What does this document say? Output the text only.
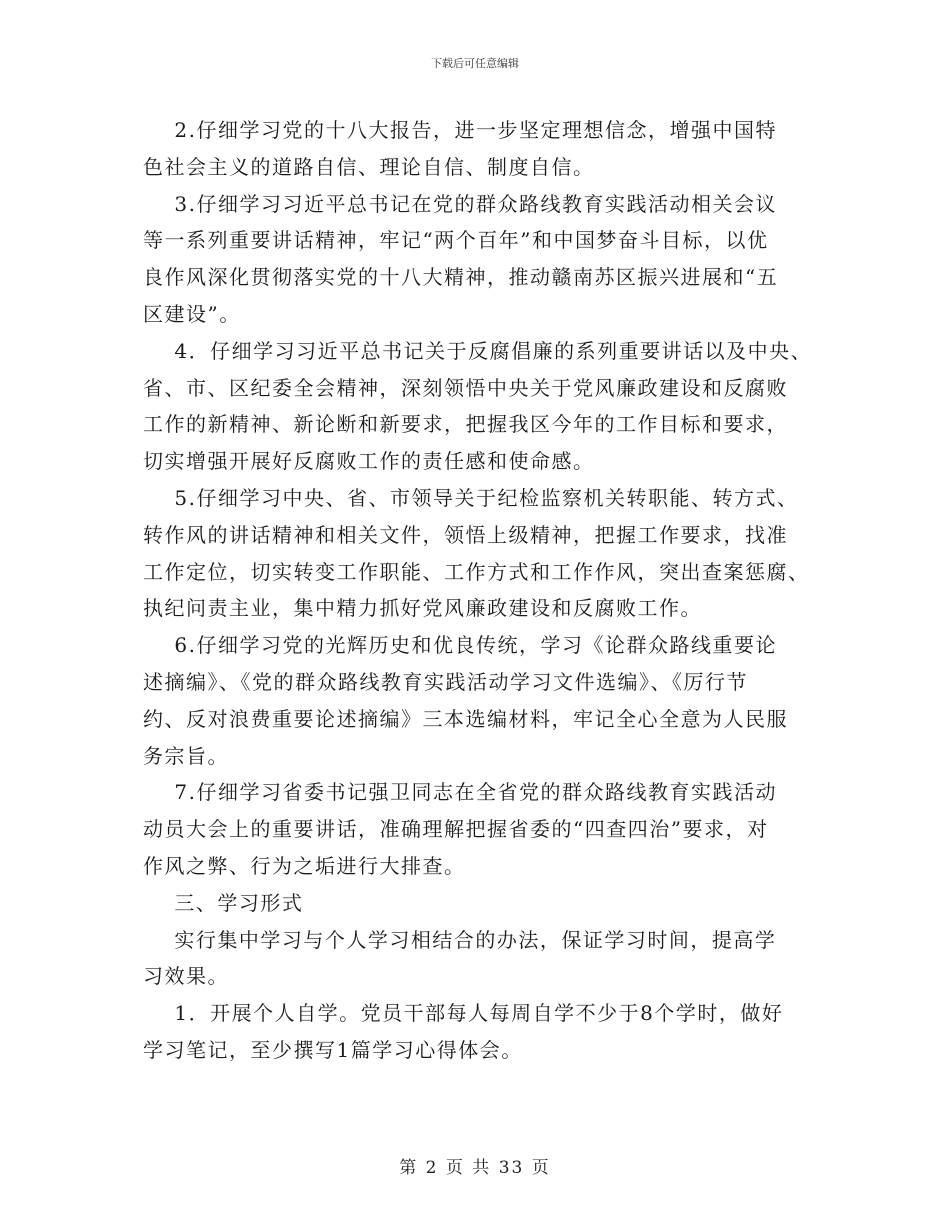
下载后可任意编辑

2.仔细学习党的十八大报告，进一步坚定理想信念，增强中国特

色社会主义的道路自信、理论自信、制度自信。

3.仔细学习习近平总书记在党的群众路线教育实践活动相关会议

等一系列重要讲话精神，牢记“两个百年”和中国梦奋斗目标，以优

良作风深化贯彻落实党的十八大精神，推动赣南苏区振兴进展和“五

区建设”。

4．仔细学习习近平总书记关于反腐倡廉的系列重要讲话以及中央、

省、市、区纪委全会精神，深刻领悟中央关于党风廉政建设和反腐败

工作的新精神、新论断和新要求，把握我区今年的工作目标和要求，

切实增强开展好反腐败工作的责任感和使命感。

5.仔细学习中央、省、市领导关于纪检监察机关转职能、转方式、

转作风的讲话精神和相关文件，领悟上级精神，把握工作要求，找准

工作定位，切实转变工作职能、工作方式和工作作风，突出查案惩腐、

执纪问责主业，集中精力抓好党风廉政建设和反腐败工作。

6.仔细学习党的光辉历史和优良传统，学习《论群众路线重要论

述摘编》、《党的群众路线教育实践活动学习文件选编》、《厉行节

约、反对浪费重要论述摘编》三本选编材料，牢记全心全意为人民服

务宗旨。

7.仔细学习省委书记强卫同志在全省党的群众路线教育实践活动

动员大会上的重要讲话，准确理解把握省委的“四查四治”要求，对

作风之弊、行为之垢进行大排查。

三、学习形式

实行集中学习与个人学习相结合的办法，保证学习时间，提高学

习效果。

1．开展个人自学。党员干部每人每周自学不少于8个学时，做好

学习笔记，至少撰写1篇学习心得体会。

第 2 页 共 33 页
